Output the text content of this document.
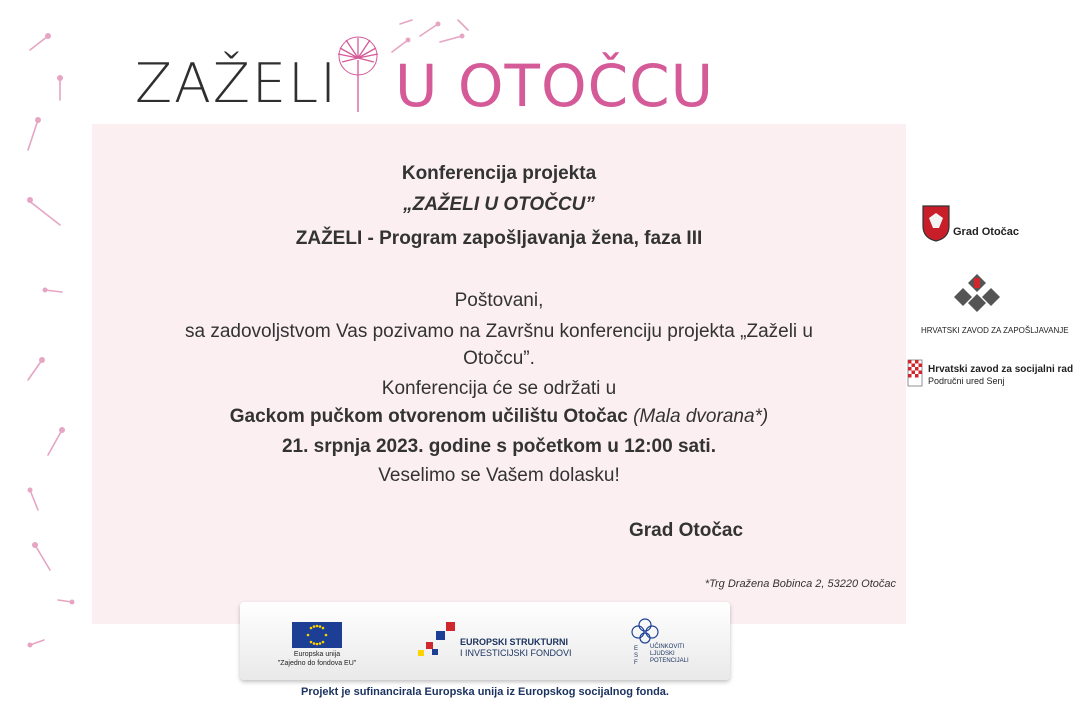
ZAŽELI U OTOČCU
Konferencija projekta
„ZAŽELI U OTOČCU”
ZAŽELI - Program zapošljavanja žena, faza III
Poštovani,
sa zadovoljstvom Vas pozivamo na Završnu konferenciju projekta „Zaželi u
Otočcu”.
Konferencija će se održati u
Gackom pučkom otvorenom učilištu Otočac (Mala dvorana*)
21. srpnja 2023. godine s početkom u 12:00 sati.
Veselimo se Vašem dolasku!
Grad Otočac
*Trg Dražena Bobinca 2, 53220 Otočac
Grad Otočac
HRVATSKI ZAVOD ZA ZAPOŠLJAVANJE
Hrvatski zavod za socijalni rad
Područni ured Senj
Europska unija
"Zajedno do fondova EU"
EUROPSKI STRUKTURNI
I INVESTICIJSKI FONDOVI	E S F
UČINKOVITI
LJUDSKI
POTENCIJALI
Projekt je sufinancirala Europska unija iz Europskog socijalnog fonda.
